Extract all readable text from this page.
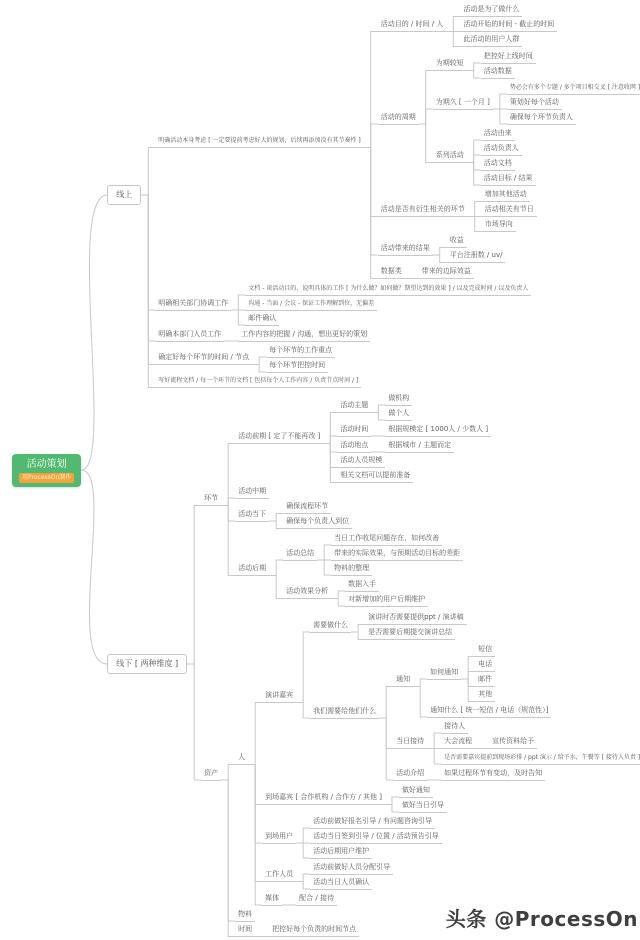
活动策划
用ProcessOn制作
线上
明确活动本身考虑 [ 一定要提前考虑好大的规划，后续再添加没有其节奏性 ]
活动目的 / 时间 / 人
活动是为了做什么
活动开始的时间 - 截止的时间
此活动的用户人群
活动的周期
为期较短
把控好上线时间
活动数据
为期久 [ 一个月 ]
势必会有多个专题 / 多个项目相交叉 [ 注意收网 ]
策划好每个活动
确保每个环节负责人
系列活动
活动由来
活动负责人
活动文档
活动目标 / 结果
活动是否有衍生相关的环节
增加其他活动
活动相关有节日
市场导向
活动带来的结果
收益
平台注册数 / uv/
数据类	带来的边际效益
明确相关部门协调工作
文档 - 谈活动目的，说明具体的工作 [ 为什么做？如何做？期望达到的效果 ] / 以及完成时间 / 以及负责人
沟通 - 当面 / 会议 - 保证工作理解到位，无偏差
邮件确认
明确本部门人员工作	工作内容的把握 / 沟通，想出更好的策划
确定好每个环节的时间 / 节点
每个环节的工作重点
每个环节把控时间
写好流程文档 / 每一个环节的文档 [ 包括每个人工作内容 / 负责节点时间 / ]
线下 [ 两种维度 ]
环节
活动前期 [ 定了不能再改 ]
活动主题
做机构
做个人
活动时间	根据规模定 [ 1000人 / 少数人 ]
活动地点	根据城市 / 主题而定
活动人员规模
相关文档可以提前准备
活动中期
活动当下
确保流程环节
确保每个负责人到位
活动后期
活动总结
当日工作收尾问题存在，如何改善
带来的实际效果，与预期活动目标的差距
物料的整理
活动效果分析
数据入手
对新增加的用户后期维护
资产
人
演讲嘉宾
需要做什么
演讲时否需要提供ppt / 演讲稿
是否需要后期提交演讲总结
我们需要给他们什么
通知
如何通知
短信
电话
邮件
其他
通知什么 [ 统一短信 / 电话（规范性）]
当日接待
接待人
大会流程	宣传资料给予
是否需要嘉宾提前到现场彩排 / ppt 演示 / 给予水，午餐等 [ 接待人负责 ]
活动介绍	如果过程环节有变动，及时告知
到场嘉宾 [ 合作机构 / 合作方 / 其他 ]
做好通知
做好当日引导
到场用户
活动前做好报名引导 / 有问题咨询引导
活动当日签到引导 / 位置 / 活动预告引导
活动后期用户维护
工作人员
活动前做好人员分配引导
活动当日人员确认
媒体	配合 / 接待
物料
时间	把控好每个负责的时间节点	头条 @ProcessOn
